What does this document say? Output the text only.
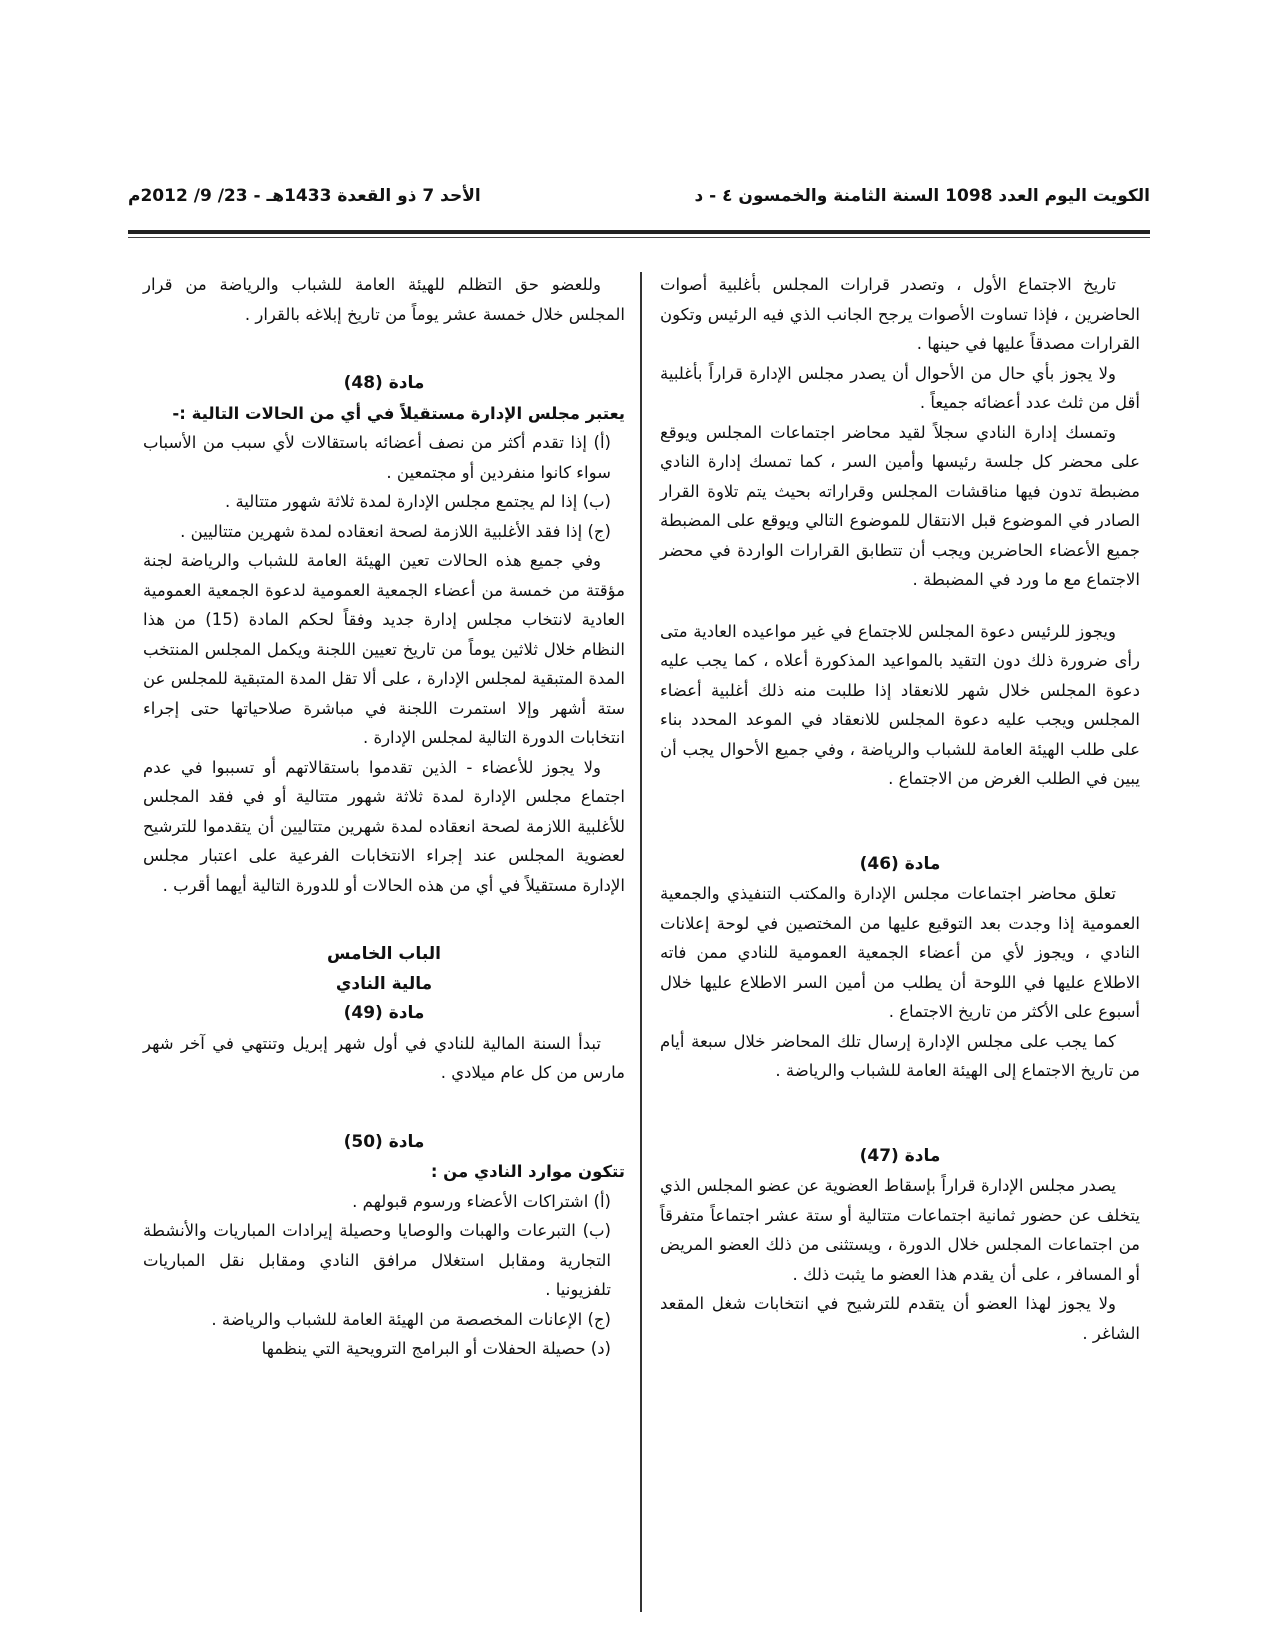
الكويت اليوم العدد 1098 السنة الثامنة والخمسون ٤ - د
الأحد 7 ذو القعدة 1433هـ - 23/ 9/ 2012م

تاريخ الاجتماع الأول ، وتصدر قرارات المجلس بأغلبية أصوات الحاضرين ، فإذا تساوت الأصوات يرجح الجانب الذي فيه الرئيس وتكون القرارات مصدقاً عليها في حينها .

ولا يجوز بأي حال من الأحوال أن يصدر مجلس الإدارة قراراً بأغلبية أقل من ثلث عدد أعضائه جميعاً .

وتمسك إدارة النادي سجلاً لقيد محاضر اجتماعات المجلس ويوقع على محضر كل جلسة رئيسها وأمين السر ، كما تمسك إدارة النادي مضبطة تدون فيها مناقشات المجلس وقراراته بحيث يتم تلاوة القرار الصادر في الموضوع قبل الانتقال للموضوع التالي ويوقع على المضبطة جميع الأعضاء الحاضرين ويجب أن تتطابق القرارات الواردة في محضر الاجتماع مع ما ورد في المضبطة .

ويجوز للرئيس دعوة المجلس للاجتماع في غير مواعيده العادية متى رأى ضرورة ذلك دون التقيد بالمواعيد المذكورة أعلاه ، كما يجب عليه دعوة المجلس خلال شهر للانعقاد إذا طلبت منه ذلك أغلبية أعضاء المجلس ويجب عليه دعوة المجلس للانعقاد في الموعد المحدد بناء على طلب الهيئة العامة للشباب والرياضة ، وفي جميع الأحوال يجب أن يبين في الطلب الغرض من الاجتماع .

مادة (46)

تعلق محاضر اجتماعات مجلس الإدارة والمكتب التنفيذي والجمعية العمومية إذا وجدت بعد التوقيع عليها من المختصين في لوحة إعلانات النادي ، ويجوز لأي من أعضاء الجمعية العمومية للنادي ممن فاته الاطلاع عليها في اللوحة أن يطلب من أمين السر الاطلاع عليها خلال أسبوع على الأكثر من تاريخ الاجتماع .

كما يجب على مجلس الإدارة إرسال تلك المحاضر خلال سبعة أيام من تاريخ الاجتماع إلى الهيئة العامة للشباب والرياضة .

مادة (47)

يصدر مجلس الإدارة قراراً بإسقاط العضوية عن عضو المجلس الذي يتخلف عن حضور ثمانية اجتماعات متتالية أو ستة عشر اجتماعاً متفرقاً من اجتماعات المجلس خلال الدورة ، ويستثنى من ذلك العضو المريض أو المسافر ، على أن يقدم هذا العضو ما يثبت ذلك .

ولا يجوز لهذا العضو أن يتقدم للترشيح في انتخابات شغل المقعد الشاغر .

وللعضو حق التظلم للهيئة العامة للشباب والرياضة من قرار المجلس خلال خمسة عشر يوماً من تاريخ إبلاغه بالقرار .

مادة (48)

يعتبر مجلس الإدارة مستقيلاً في أي من الحالات التالية :-

(أ) إذا تقدم أكثر من نصف أعضائه باستقالات لأي سبب من الأسباب سواء كانوا منفردين أو مجتمعين .

(ب) إذا لم يجتمع مجلس الإدارة لمدة ثلاثة شهور متتالية .

(ج) إذا فقد الأغلبية اللازمة لصحة انعقاده لمدة شهرين متتاليين .

وفي جميع هذه الحالات تعين الهيئة العامة للشباب والرياضة لجنة مؤقتة من خمسة من أعضاء الجمعية العمومية لدعوة الجمعية العمومية العادية لانتخاب مجلس إدارة جديد وفقاً لحكم المادة (15) من هذا النظام خلال ثلاثين يوماً من تاريخ تعيين اللجنة ويكمل المجلس المنتخب المدة المتبقية لمجلس الإدارة ، على ألا تقل المدة المتبقية للمجلس عن ستة أشهر وإلا استمرت اللجنة في مباشرة صلاحياتها حتى إجراء انتخابات الدورة التالية لمجلس الإدارة .

ولا يجوز للأعضاء - الذين تقدموا باستقالاتهم أو تسببوا في عدم اجتماع مجلس الإدارة لمدة ثلاثة شهور متتالية أو في فقد المجلس للأغلبية اللازمة لصحة انعقاده لمدة شهرين متتاليين أن يتقدموا للترشيح لعضوية المجلس عند إجراء الانتخابات الفرعية على اعتبار مجلس الإدارة مستقيلاً في أي من هذه الحالات أو للدورة التالية أيهما أقرب .

الباب الخامس
مالية النادي
مادة (49)

تبدأ السنة المالية للنادي في أول شهر إبريل وتنتهي في آخر شهر مارس من كل عام ميلادي .

مادة (50)

تتكون موارد النادي من :

(أ) اشتراكات الأعضاء ورسوم قبولهم .

(ب) التبرعات والهبات والوصايا وحصيلة إيرادات المباريات والأنشطة التجارية ومقابل استغلال مرافق النادي ومقابل نقل المباريات تلفزيونيا .

(ج) الإعانات المخصصة من الهيئة العامة للشباب والرياضة .

(د) حصيلة الحفلات أو البرامج الترويحية التي ينظمها
